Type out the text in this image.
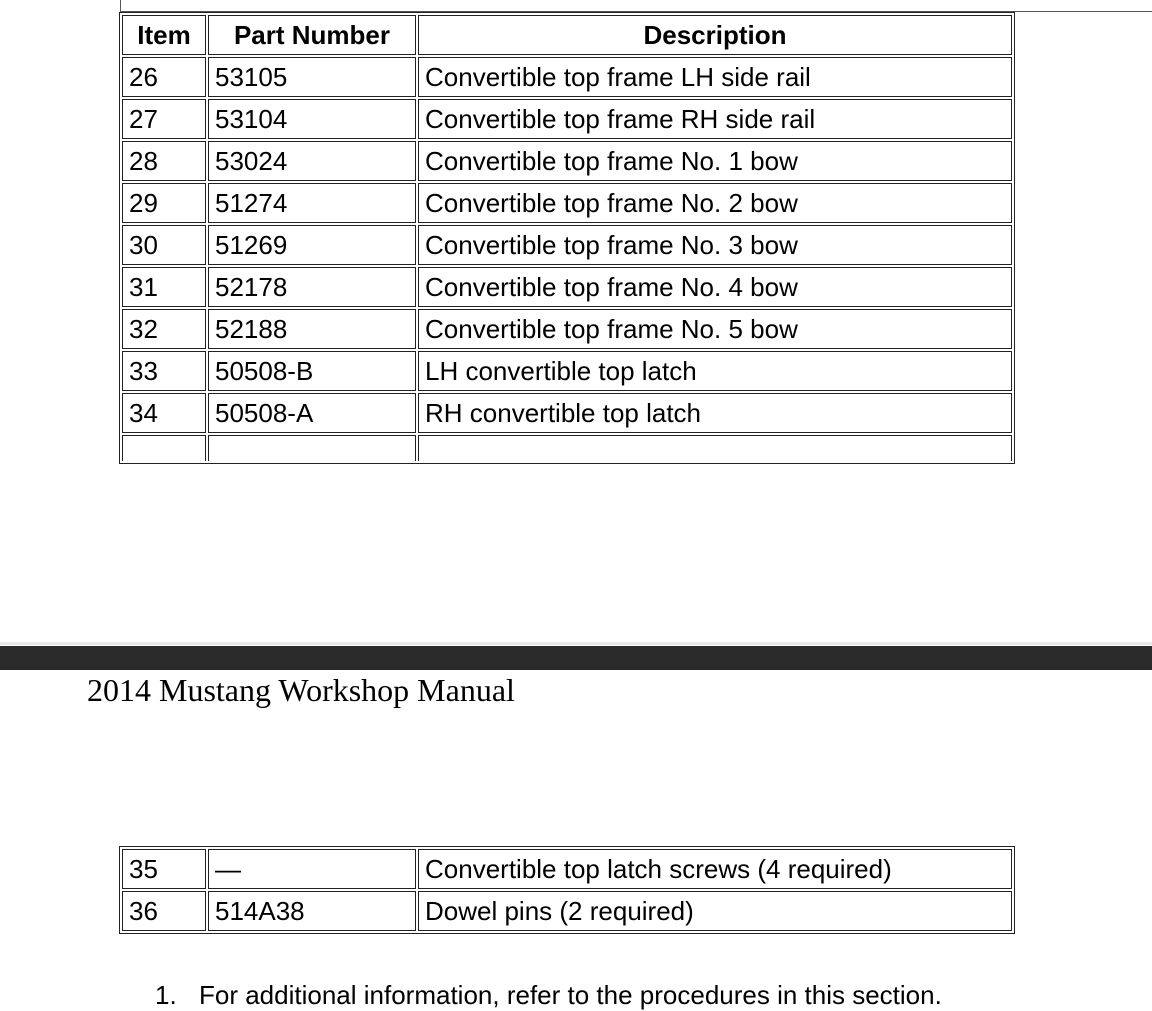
Item	Part Number	Description
26	53105	Convertible top frame LH side rail
27	53104	Convertible top frame RH side rail
28	53024	Convertible top frame No. 1 bow
29	51274	Convertible top frame No. 2 bow
30	51269	Convertible top frame No. 3 bow
31	52178	Convertible top frame No. 4 bow
32	52188	Convertible top frame No. 5 bow
33	50508-B	LH convertible top latch
34	50508-A	RH convertible top latch

2014 Mustang Workshop Manual
35	—	Convertible top latch screws (4 required)
36	514A38	Dowel pins (2 required)
1. For additional information, refer to the procedures in this section.
